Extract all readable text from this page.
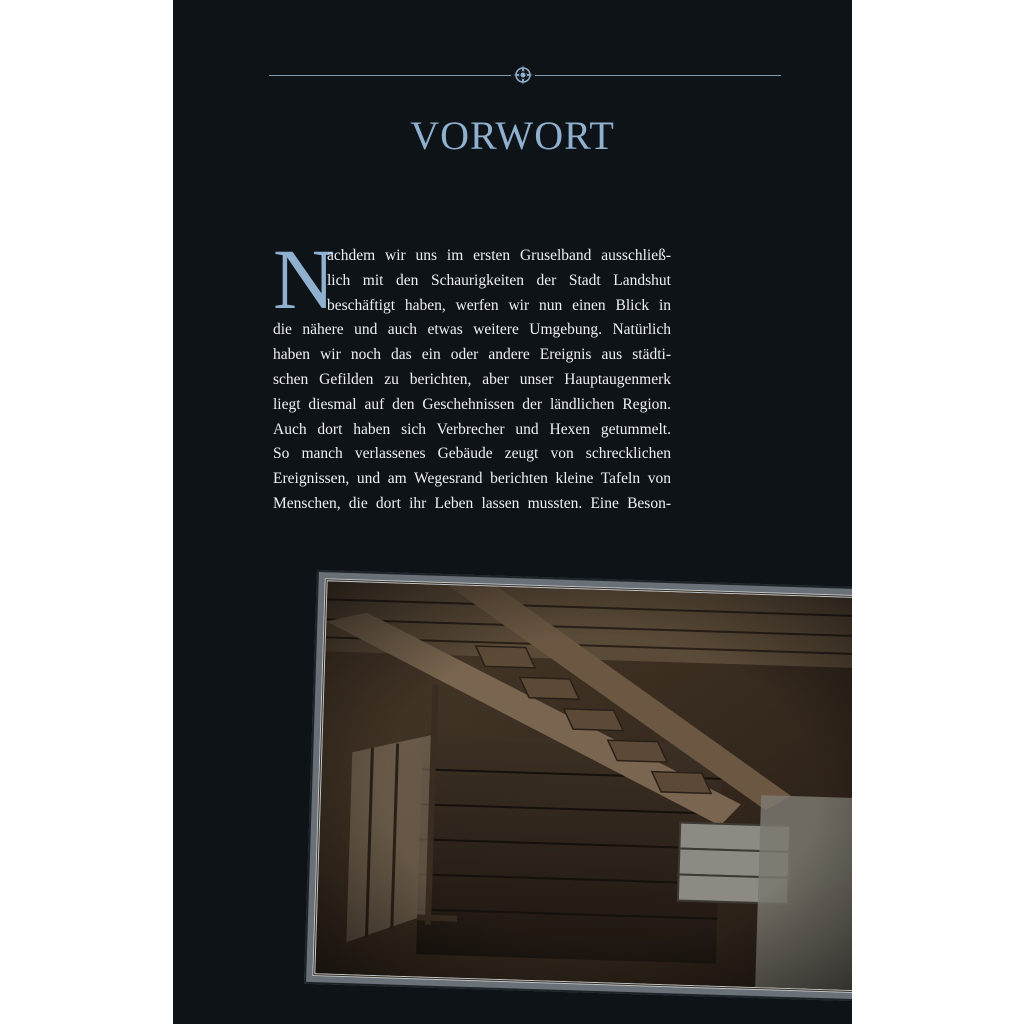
VORWORT
N
achdem wir uns im ersten Gruselband ausschließ-
lich mit den Schaurigkeiten der Stadt Landshut
beschäftigt haben, werfen wir nun einen Blick in
die nähere und auch etwas weitere Umgebung. Natürlich
haben wir noch das ein oder andere Ereignis aus städti-
schen Gefilden zu berichten, aber unser Hauptaugenmerk
liegt diesmal auf den Geschehnissen der ländlichen Region.
Auch dort haben sich Verbrecher und Hexen getummelt.
So manch verlassenes Gebäude zeugt von schrecklichen
Ereignissen, und am Wegesrand berichten kleine Tafeln von
Menschen, die dort ihr Leben lassen mussten. Eine Beson-
